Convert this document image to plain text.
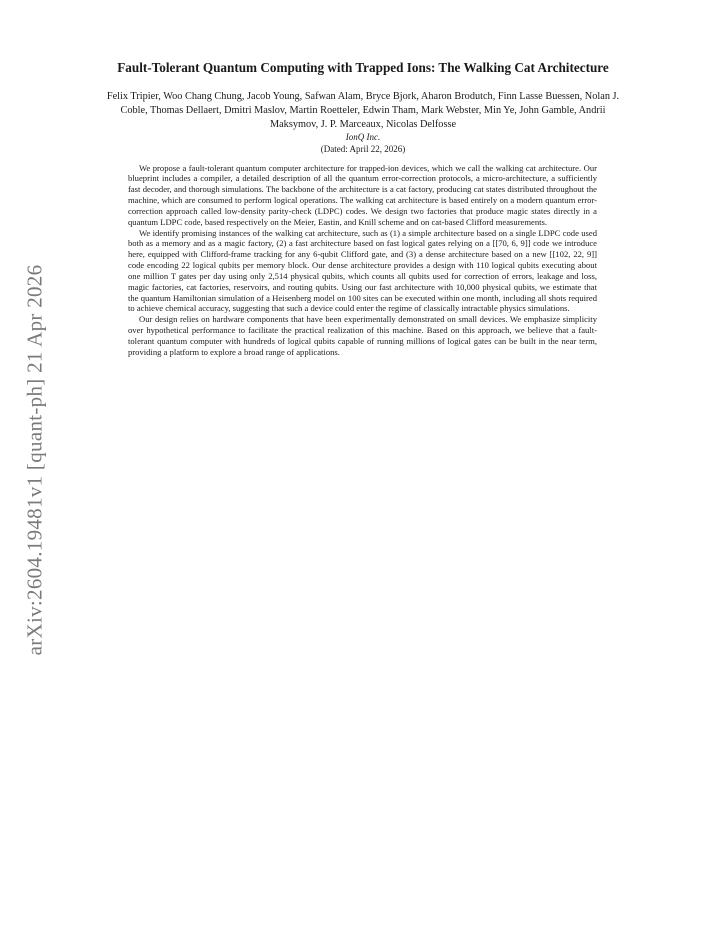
arXiv:2604.19481v1 [quant-ph] 21 Apr 2026
Fault-Tolerant Quantum Computing with Trapped Ions: The Walking Cat Architecture

Felix Tripier, Woo Chang Chung, Jacob Young, Safwan Alam, Bryce Bjork, Aharon Brodutch, Finn Lasse Buessen, Nolan J. Coble, Thomas Dellaert, Dmitri Maslov, Martin Roetteler, Edwin Tham, Mark Webster, Min Ye, John Gamble, Andrii Maksymov, J. P. Marceaux, Nicolas Delfosse

IonQ Inc.

(Dated: April 22, 2026)

We propose a fault-tolerant quantum computer architecture for trapped-ion devices, which we call the walking cat architecture. Our blueprint includes a compiler, a detailed description of all the quantum error-correction protocols, a micro-architecture, a sufficiently fast decoder, and thorough simulations. The backbone of the architecture is a cat factory, producing cat states distributed throughout the machine, which are consumed to perform logical operations. The walking cat architecture is based entirely on a modern quantum error-correction approach called low-density parity-check (LDPC) codes. We design two factories that produce magic states directly in a quantum LDPC code, based respectively on the Meier, Eastin, and Knill scheme and on cat-based Clifford measurements.

We identify promising instances of the walking cat architecture, such as (1) a simple architecture based on a single LDPC code used both as a memory and as a magic factory, (2) a fast architecture based on fast logical gates relying on a [[70, 6, 9]] code we introduce here, equipped with Clifford-frame tracking for any 6-qubit Clifford gate, and (3) a dense architecture based on a new [[102, 22, 9]] code encoding 22 logical qubits per memory block. Our dense architecture provides a design with 110 logical qubits executing about one million T gates per day using only 2,514 physical qubits, which counts all qubits used for correction of errors, leakage and loss, magic factories, cat factories, reservoirs, and routing qubits. Using our fast architecture with 10,000 physical qubits, we estimate that the quantum Hamiltonian simulation of a Heisenberg model on 100 sites can be executed within one month, including all shots required to achieve chemical accuracy, suggesting that such a device could enter the regime of classically intractable physics simulations.

Our design relies on hardware components that have been experimentally demonstrated on small devices. We emphasize simplicity over hypothetical performance to facilitate the practical realization of this machine. Based on this approach, we believe that a fault-tolerant quantum computer with hundreds of logical qubits capable of running millions of logical gates can be built in the near term, providing a platform to explore a broad range of applications.
